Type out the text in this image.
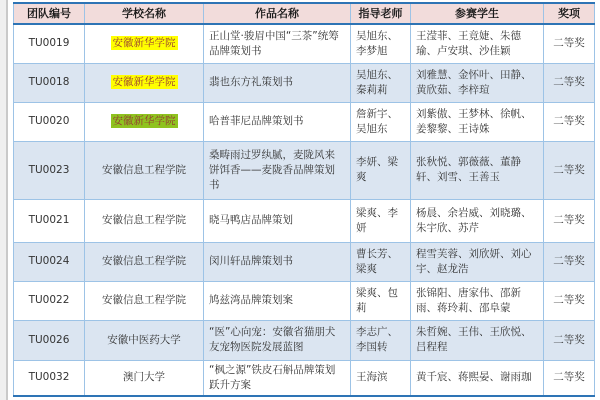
团队编号	学校名称	作品名称	指导老师	参赛学生	奖项
TU0019	安徽新华学院	正山堂·骏眉中国“三茶”统筹品牌策划书	吴旭东、李梦旭	王滢菲、王竟婕、朱德瑜、卢安琪、沙佳颖	二等奖
TU0018	安徽新华学院	翡也东方礼策划书	吴旭东、秦莉莉	刘雅慧、金怀叶、田静、黄欣茹、李梓瑄	二等奖
TU0020	安徽新华学院	哈普菲尼品牌策划书	詹新宇、吴旭东	刘紫傲、王梦林、徐帆、姜黎黎、王诗姝	二等奖
TU0023	安徽信息工程学院	桑畴雨过罗纨腻，麦陇风来饼饵香——麦陇香品牌策划书	李妍、梁爽	张秋悦、郭薇薇、董静轩、刘雪、王善玉	二等奖
TU0021	安徽信息工程学院	晓马鸭店品牌策划	梁爽、李妍	杨晨、余岩威、刘晓璐、朱宇欣、苏芹	二等奖
TU0024	安徽信息工程学院	闵川轩品牌策划书	曹长芳、梁爽	程雪芙蓉、刘欣妍、刘心宇、赵龙浩	二等奖
TU0022	安徽信息工程学院	鸠兹湾品牌策划案	梁爽、包莉	张锦阳、唐家伟、邵新雨、蒋玲莉、邵阜蒙	二等奖
TU0026	安徽中医药大学	“医”心向宠：安徽省猫朋犬友宠物医院发展蓝图	李志广、李国转	朱哲婉、王伟、王欣悦、吕程程	二等奖
TU0032	澳门大学	“枫之源”铁皮石斛品牌策划跃升方案	王海滨	黄千宸、蒋熙晏、谢雨珈	二等奖
